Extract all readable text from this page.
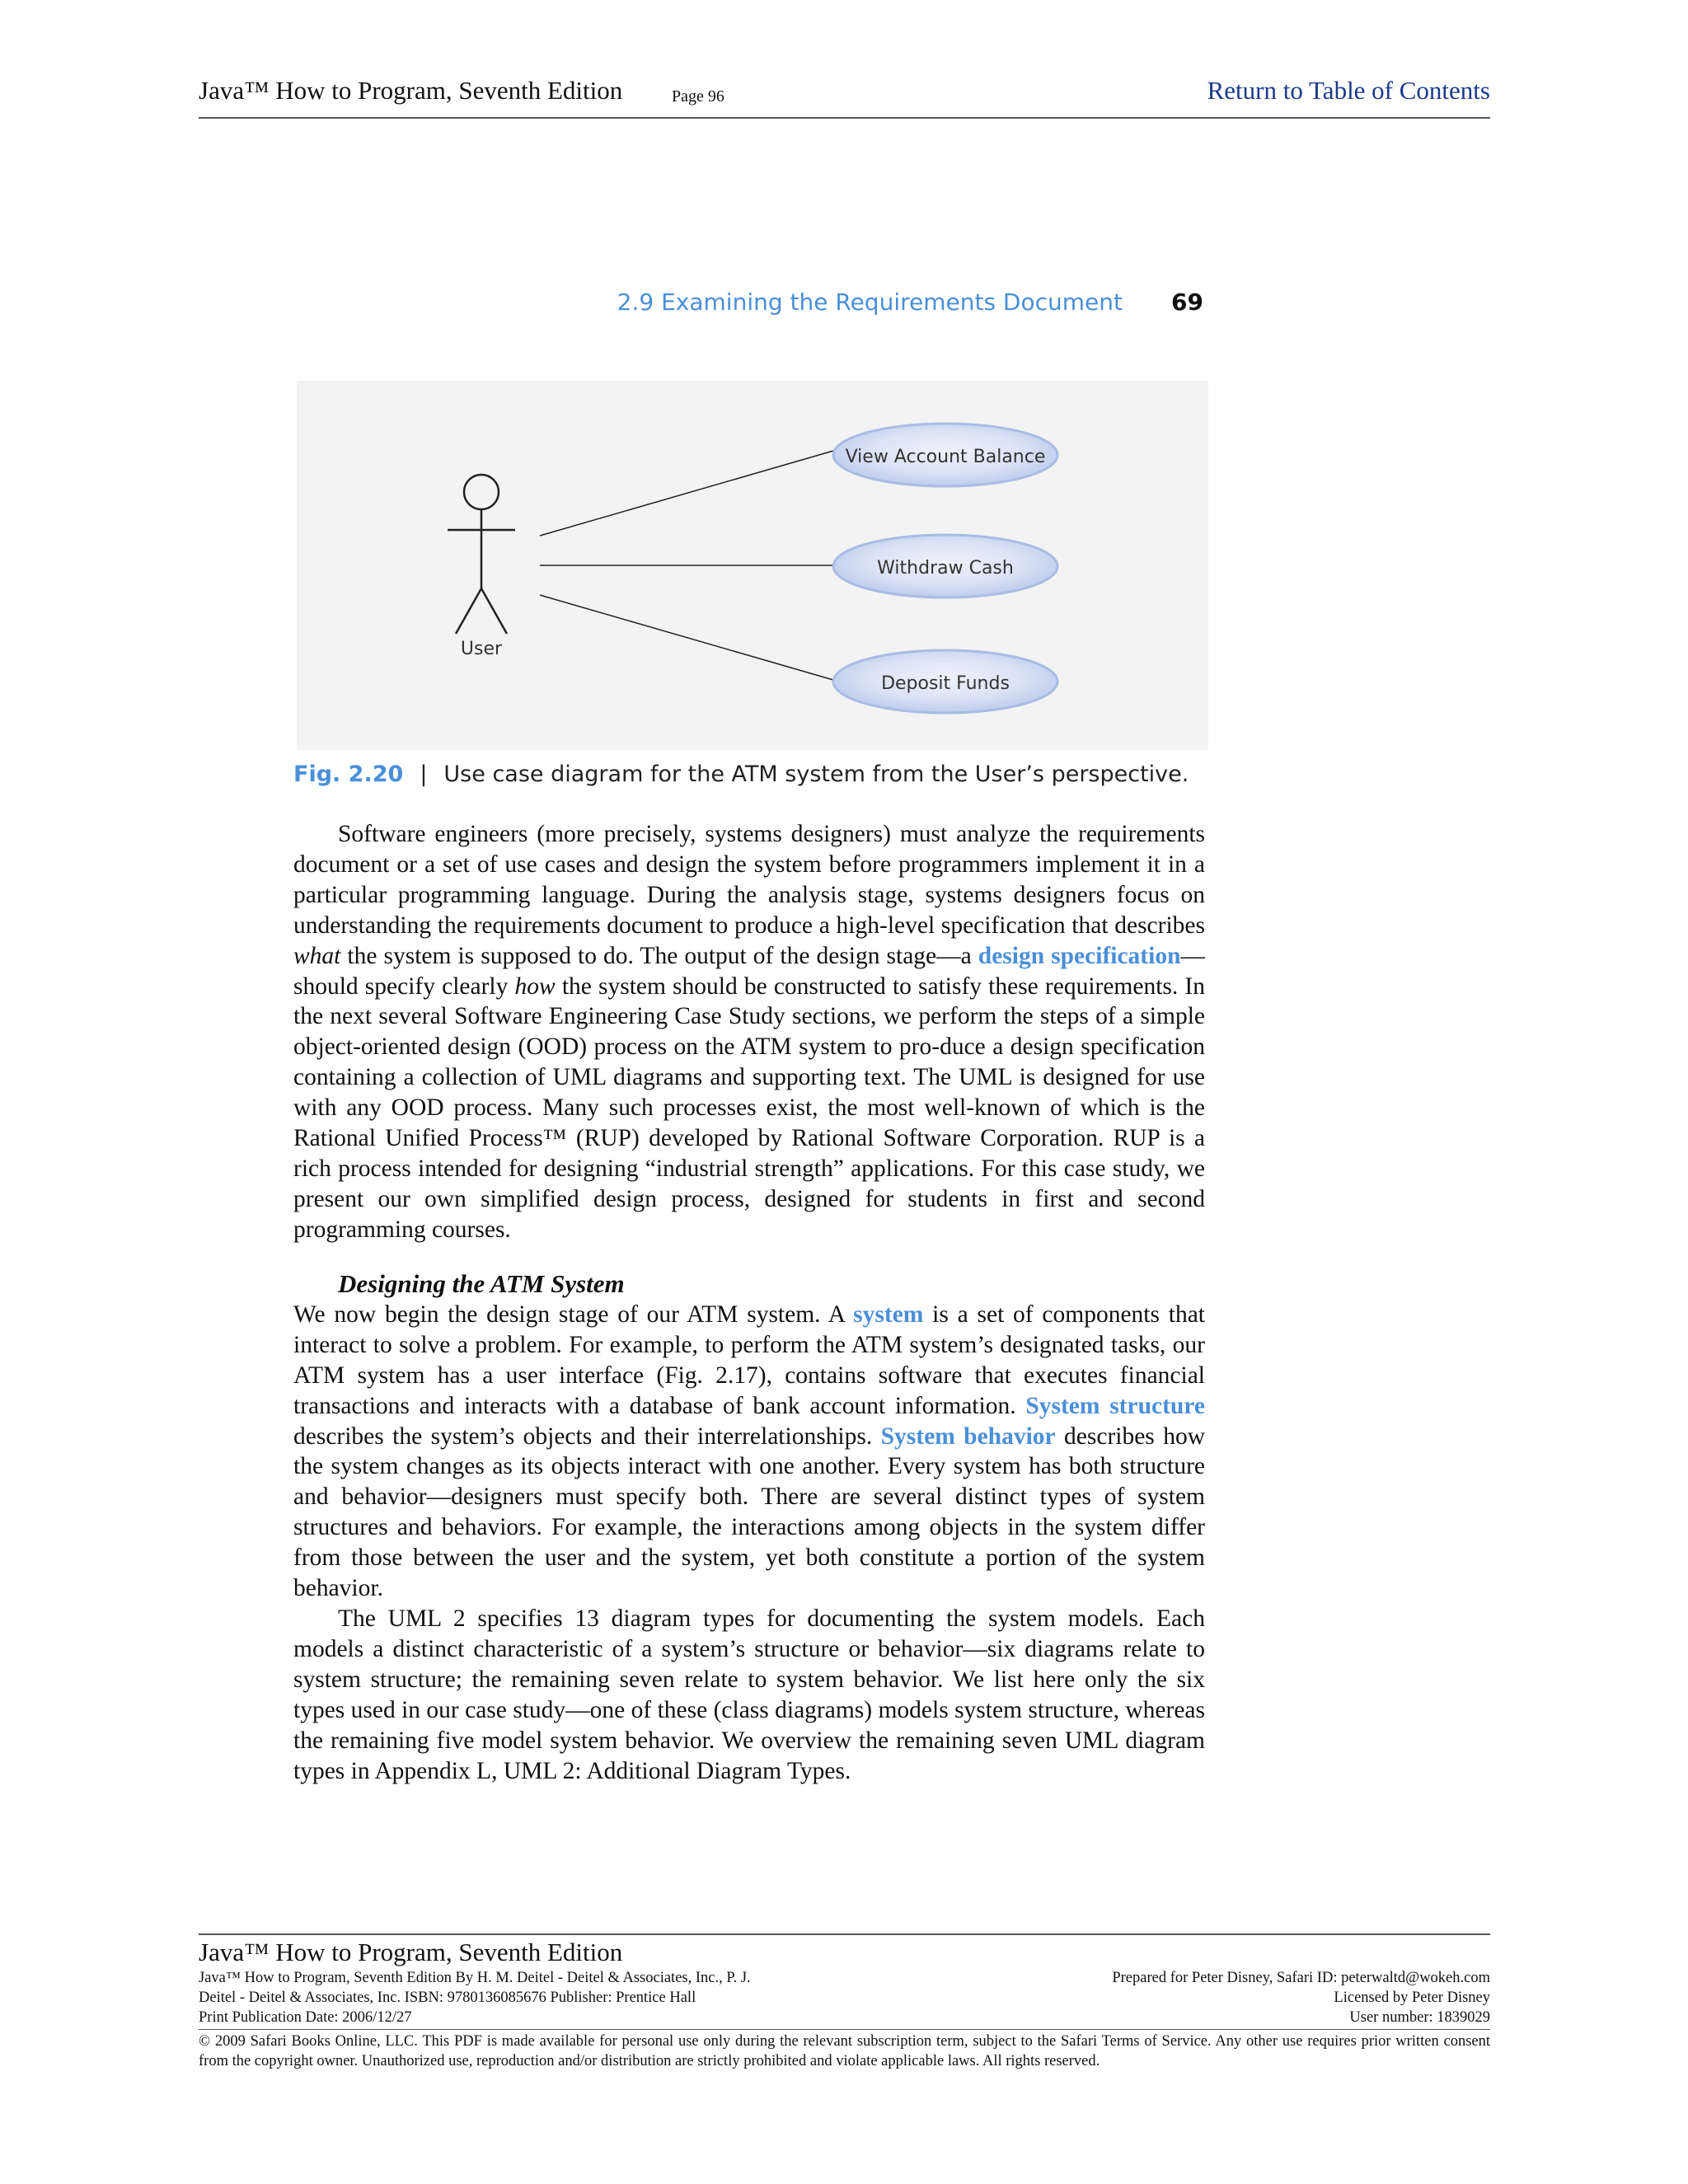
Java™ How to Program, Seventh Edition	Page 96	Return to Table of Contents
2.9 Examining the Requirements Document 69
User
View Account Balance
Withdraw Cash
Deposit Funds
Fig. 2.20 | Use case diagram for the ATM system from the User’s perspective.

Software engineers (more precisely, systems designers) must analyze the requirements document or a set of use cases and design the system before programmers implement it in a particular programming language. During the analysis stage, systems designers focus on understanding the requirements document to produce a high-level specification that describes what the system is supposed to do. The output of the design stage—a design specification—should specify clearly how the system should be constructed to satisfy these requirements. In the next several Software Engineering Case Study sections, we perform the steps of a simple object-oriented design (OOD) process on the ATM system to pro-duce a design specification containing a collection of UML diagrams and supporting text. The UML is designed for use with any OOD process. Many such processes exist, the most well-known of which is the Rational Unified Process™ (RUP) developed by Rational Software Corporation. RUP is a rich process intended for designing “industrial strength” applications. For this case study, we present our own simplified design process, designed for students in first and second programming courses.

Designing the ATM System

We now begin the design stage of our ATM system. A system is a set of components that interact to solve a problem. For example, to perform the ATM system’s designated tasks, our ATM system has a user interface (Fig. 2.17), contains software that executes financial transactions and interacts with a database of bank account information. System structure describes the system’s objects and their interrelationships. System behavior describes how the system changes as its objects interact with one another. Every system has both structure and behavior—designers must specify both. There are several distinct types of system structures and behaviors. For example, the interactions among objects in the system differ from those between the user and the system, yet both constitute a portion of the system behavior.

The UML 2 specifies 13 diagram types for documenting the system models. Each models a distinct characteristic of a system’s structure or behavior—six diagrams relate to system structure; the remaining seven relate to system behavior. We list here only the six types used in our case study—one of these (class diagrams) models system structure, whereas the remaining five model system behavior. We overview the remaining seven UML diagram types in Appendix L, UML 2: Additional Diagram Types.

Java™ How to Program, Seventh Edition
Java™ How to Program, Seventh Edition By H. M. Deitel - Deitel & Associates, Inc., P. J.	Prepared for Peter Disney, Safari ID: peterwaltd@wokeh.com
Deitel - Deitel & Associates, Inc. ISBN: 9780136085676 Publisher: Prentice Hall	Licensed by Peter Disney
Print Publication Date: 2006/12/27	User number: 1839029
© 2009 Safari Books Online, LLC. This PDF is made available for personal use only during the relevant subscription term, subject to the Safari Terms of Service. Any other use requires prior written consent from the copyright owner. Unauthorized use, reproduction and/or distribution are strictly prohibited and violate applicable laws. All rights reserved.
